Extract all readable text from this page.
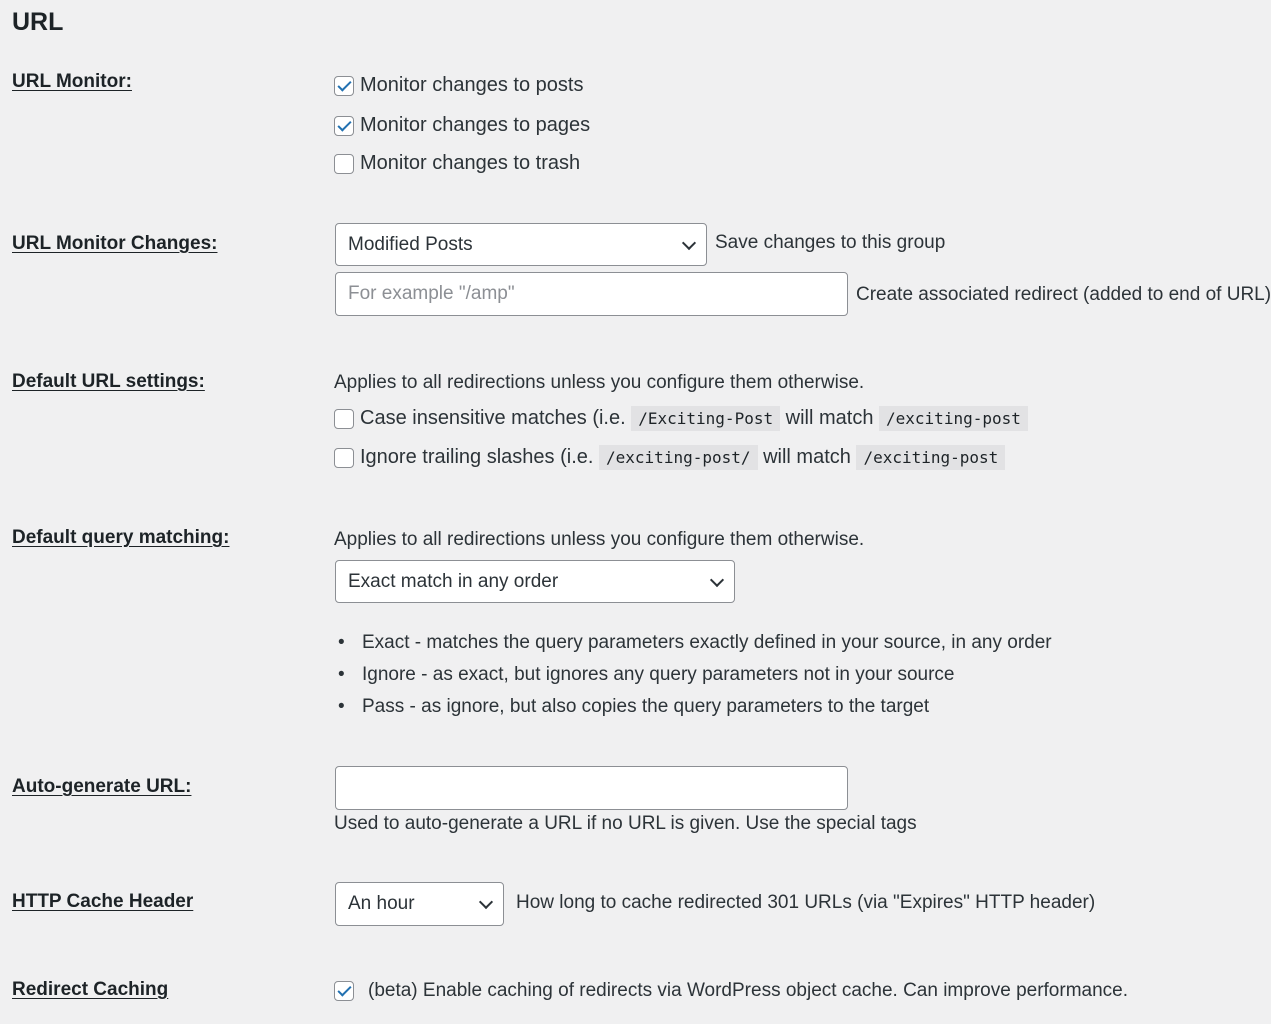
URL
URL Monitor:	Monitor changes to posts
Monitor changes to pages
Monitor changes to trash
URL Monitor Changes:	Modified Posts	Save changes to this group
For example "/amp"	Create associated redirect (added to end of URL)
Default URL settings:	Applies to all redirections unless you configure them otherwise.
Case insensitive matches (i.e.
/Exciting-Post
will match
/exciting-post
Ignore trailing slashes (i.e.
/exciting-post/
will match
/exciting-post
Default query matching:	Applies to all redirections unless you configure them otherwise.
Exact match in any order
• Exact - matches the query parameters exactly defined in your source, in any order
• Ignore - as exact, but ignores any query parameters not in your source
• Pass - as ignore, but also copies the query parameters to the target
Auto-generate URL:
Used to auto-generate a URL if no URL is given. Use the special tags
HTTP Cache Header	An hour	How long to cache redirected 301 URLs (via "Expires" HTTP header)
Redirect Caching	(beta) Enable caching of redirects via WordPress object cache. Can improve performance.
